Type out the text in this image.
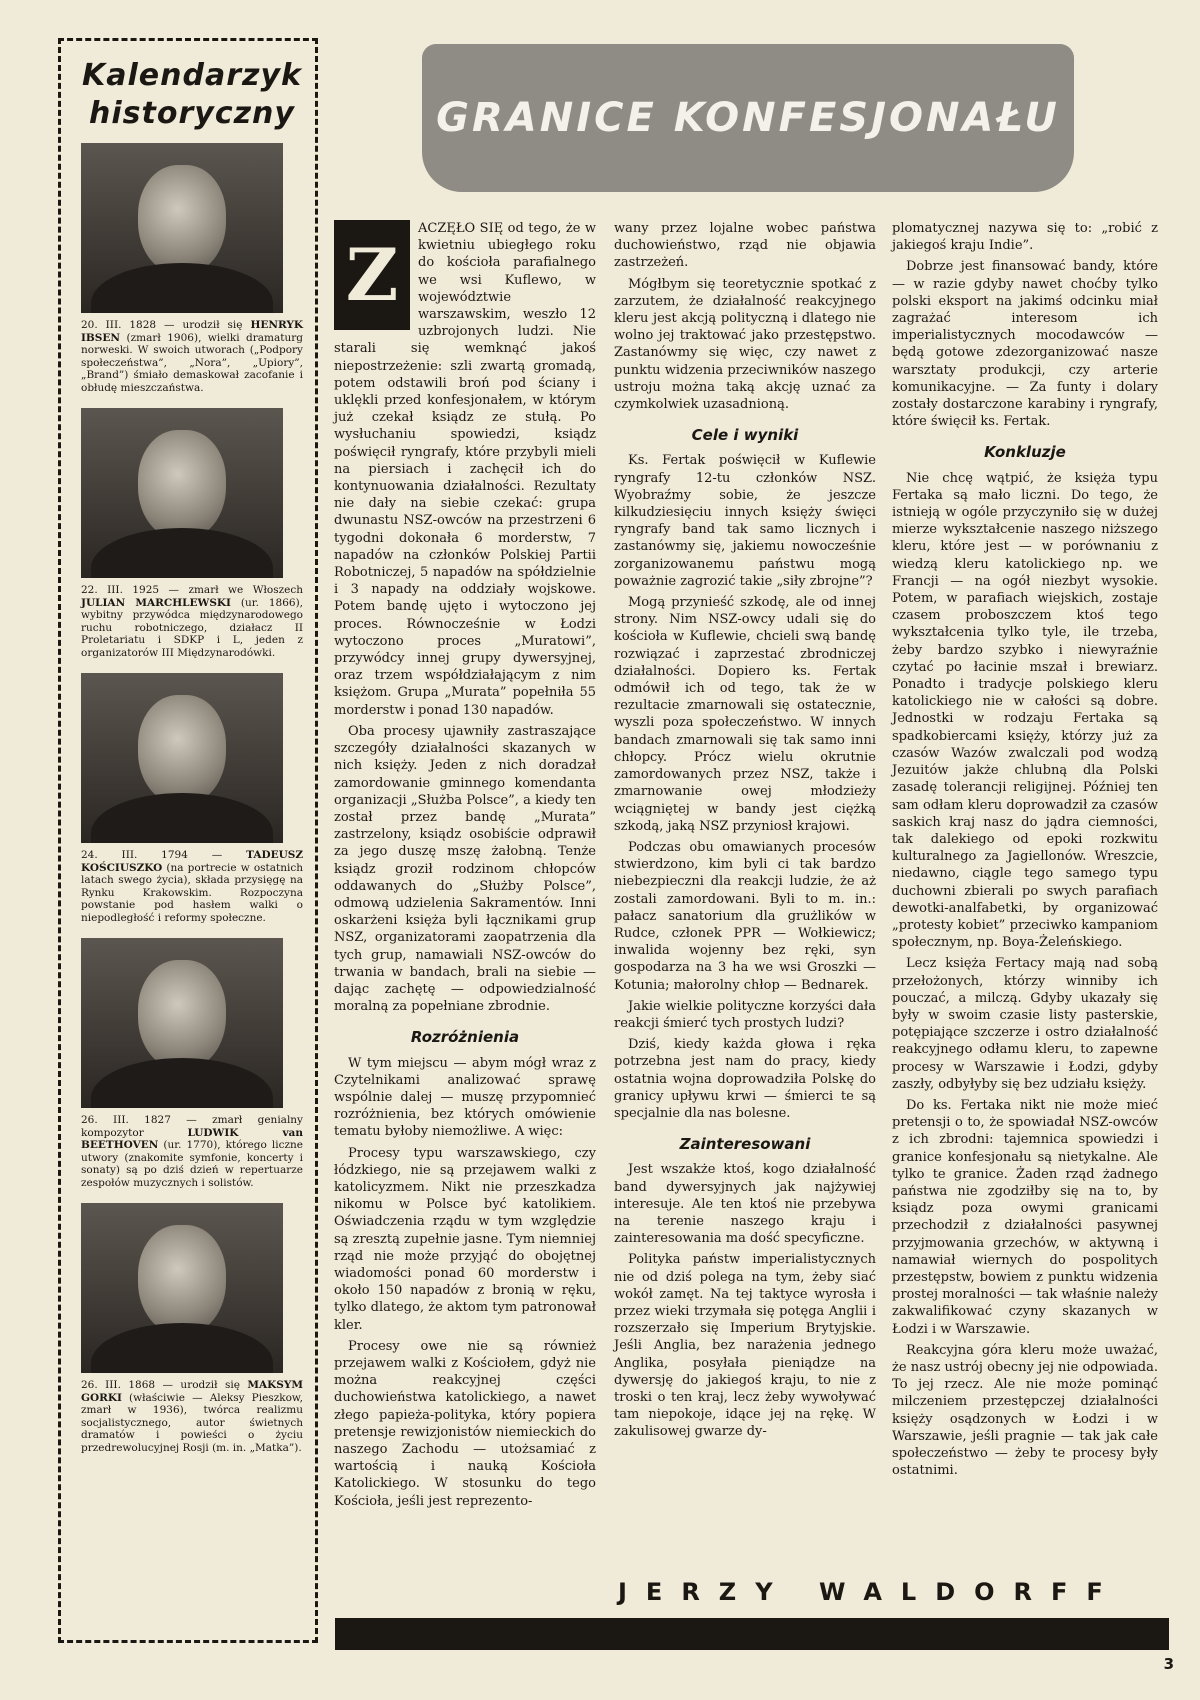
Kalendarzyk
historyczny

20. III. 1828 — urodził się HENRYK IBSEN (zmarł 1906), wielki dramaturg norweski. W swoich utworach („Podpory społeczeństwa”, „Nora”, „Upiory”, „Brand”) śmiało demaskował zacofanie i obłudę mieszczaństwa.

22. III. 1925 — zmarł we Włoszech JULIAN MARCHLEWSKI (ur. 1866), wybitny przywódca międzynarodowego ruchu robotniczego, działacz II Proletariatu i SDKP i L, jeden z organizatorów III Międzynarodówki.

24. III. 1794 — TADEUSZ KOŚCIUSZKO (na portrecie w ostatnich latach swego życia), składa przysięgę na Rynku Krakowskim. Rozpoczyna powstanie pod hasłem walki o niepodległość i reformy społeczne.

26. III. 1827 — zmarł genialny kompozytor LUDWIK van BEETHOVEN (ur. 1770), którego liczne utwory (znakomite symfonie, koncerty i sonaty) są po dziś dzień w repertuarze zespołów muzycznych i solistów.

26. III. 1868 — urodził się MAKSYM GORKI (właściwie — Aleksy Pieszkow, zmarł w 1936), twórca realizmu socjalistycznego, autor świetnych dramatów i powieści o życiu przedrewolucyjnej Rosji (m. in. „Matka”).

GRANICE KONFESJONAŁU
Z

ACZĘŁO SIĘ od tego, że w kwietniu ubiegłego roku do kościoła parafialnego we wsi Kuflewo, w województwie warszawskim, weszło 12 uzbrojonych ludzi. Nie starali się wemknąć jakoś niepostrzeżenie: szli zwartą gromadą, potem odstawili broń pod ściany i uklękli przed konfesjonałem, w którym już czekał ksiądz ze stułą. Po wysłuchaniu spowiedzi, ksiądz poświęcił ryngrafy, które przybyli mieli na piersiach i zachęcił ich do kontynuowania działalności. Rezultaty nie dały na siebie czekać: grupa dwunastu NSZ-owców na przestrzeni 6 tygodni dokonała 6 morderstw, 7 napadów na członków Polskiej Partii Robotniczej, 5 napadów na spółdzielnie i 3 napady na oddziały wojskowe. Potem bandę ujęto i wytoczono jej proces. Równocześnie w Łodzi wytoczono proces „Muratowi”, przywódcy innej grupy dywersyjnej, oraz trzem współdziałającym z nim księżom. Grupa „Murata” popełniła 55 morderstw i ponad 130 napadów.

Oba procesy ujawniły zastraszające szczegóły działalności skazanych w nich księży. Jeden z nich doradzał zamordowanie gminnego komendanta organizacji „Służba Polsce”, a kiedy ten został przez bandę „Murata” zastrzelony, ksiądz osobiście odprawił za jego duszę mszę żałobną. Tenże ksiądz groził rodzinom chłopców oddawanych do „Służby Polsce”, odmową udzielenia Sakramentów. Inni oskarżeni księża byli łącznikami grup NSZ, organizatorami zaopatrzenia dla tych grup, namawiali NSZ-owców do trwania w bandach, brali na siebie — dając zachętę — odpowiedzialność moralną za popełniane zbrodnie.

Rozróżnienia

W tym miejscu — abym mógł wraz z Czytelnikami analizować sprawę wspólnie dalej — muszę przypomnieć rozróżnienia, bez których omówienie tematu byłoby niemożliwe. A więc:

Procesy typu warszawskiego, czy łódzkiego, nie są przejawem walki z katolicyzmem. Nikt nie przeszkadza nikomu w Polsce być katolikiem. Oświadczenia rządu w tym względzie są zresztą zupełnie jasne. Tym niemniej rząd nie może przyjąć do obojętnej wiadomości ponad 60 morderstw i około 150 napadów z bronią w ręku, tylko dlatego, że aktom tym patronował kler.

Procesy owe nie są również przejawem walki z Kościołem, gdyż nie można reakcyjnej części duchowieństwa katolickiego, a nawet złego papieża-polityka, który popiera pretensje rewizjonistów niemieckich do naszego Zachodu — utożsamiać z wartością i nauką Kościoła Katolickiego. W stosunku do tego Kościoła, jeśli jest reprezento-

wany przez lojalne wobec państwa duchowieństwo, rząd nie objawia zastrzeżeń.

Mógłbym się teoretycznie spotkać z zarzutem, że działalność reakcyjnego kleru jest akcją polityczną i dlatego nie wolno jej traktować jako przestępstwo. Zastanówmy się więc, czy nawet z punktu widzenia przeciwników naszego ustroju można taką akcję uznać za czymkolwiek uzasadnioną.

Cele i wyniki

Ks. Fertak poświęcił w Kuflewie ryngrafy 12-tu członków NSZ. Wyobraźmy sobie, że jeszcze kilkudziesięciu innych księży święci ryngrafy band tak samo licznych i zastanówmy się, jakiemu nowocześnie zorganizowanemu państwu mogą poważnie zagrozić takie „siły zbrojne”?

Mogą przynieść szkodę, ale od innej strony. Nim NSZ-owcy udali się do kościoła w Kuflewie, chcieli swą bandę rozwiązać i zaprzestać zbrodniczej działalności. Dopiero ks. Fertak odmówił ich od tego, tak że w rezultacie zmarnowali się ostatecznie, wyszli poza społeczeństwo. W innych bandach zmarnowali się tak samo inni chłopcy. Prócz wielu okrutnie zamordowanych przez NSZ, także i zmarnowanie owej młodzieży wciągniętej w bandy jest ciężką szkodą, jaką NSZ przyniosł krajowi.

Podczas obu omawianych procesów stwierdzono, kim byli ci tak bardzo niebezpieczni dla reakcji ludzie, że aż zostali zamordowani. Byli to m. in.: pałacz sanatorium dla grużlików w Rudce, członek PPR — Wołkiewicz; inwalida wojenny bez ręki, syn gospodarza na 3 ha we wsi Groszki — Kotunia; małorolny chłop — Bednarek.

Jakie wielkie polityczne korzyści dała reakcji śmierć tych prostych ludzi?

Dziś, kiedy każda głowa i ręka potrzebna jest nam do pracy, kiedy ostatnia wojna doprowadziła Polskę do granicy upływu krwi — śmierci te są specjalnie dla nas bolesne.

Zainteresowani

Jest wszakże ktoś, kogo działalność band dywersyjnych jak najżywiej interesuje. Ale ten ktoś nie przebywa na terenie naszego kraju i zainteresowania ma dość specyficzne.

Polityka państw imperialistycznych nie od dziś polega na tym, żeby siać wokół zamęt. Na tej taktyce wyrosła i przez wieki trzymała się potęga Anglii i rozszerzało się Imperium Brytyjskie. Jeśli Anglia, bez narażenia jednego Anglika, posyłała pieniądze na dywersję do jakiegoś kraju, to nie z troski o ten kraj, lecz żeby wywoływać tam niepokoje, idące jej na rękę. W zakulisowej gwarze dy-

plomatycznej nazywa się to: „robić z jakiegoś kraju Indie”.

Dobrze jest finansować bandy, które — w razie gdyby nawet choćby tylko polski eksport na jakimś odcinku miał zagrażać interesom ich imperialistycznych mocodawców — będą gotowe zdezorganizować nasze warsztaty produkcji, czy arterie komunikacyjne. — Za funty i dolary zostały dostarczone karabiny i ryngrafy, które święcił ks. Fertak.

Konkluzje

Nie chcę wątpić, że księża typu Fertaka są mało liczni. Do tego, że istnieją w ogóle przyczyniło się w dużej mierze wykształcenie naszego niższego kleru, które jest — w porównaniu z wiedzą kleru katolickiego np. we Francji — na ogół niezbyt wysokie. Potem, w parafiach wiejskich, zostaje czasem proboszczem ktoś tego wykształcenia tylko tyle, ile trzeba, żeby bardzo szybko i niewyraźnie czytać po łacinie mszał i brewiarz. Ponadto i tradycje polskiego kleru katolickiego nie w całości są dobre. Jednostki w rodzaju Fertaka są spadkobiercami księży, którzy już za czasów Wazów zwalczali pod wodzą Jezuitów jakże chlubną dla Polski zasadę tolerancji religijnej. Później ten sam odłam kleru doprowadził za czasów saskich kraj nasz do jądra ciemności, tak dalekiego od epoki rozkwitu kulturalnego za Jagiellonów. Wreszcie, niedawno, ciągle tego samego typu duchowni zbierali po swych parafiach dewotki-analfabetki, by organizować „protesty kobiet” przeciwko kampaniom społecznym, np. Boya-Żeleńskiego.

Lecz księża Fertacy mają nad sobą przełożonych, którzy winniby ich pouczać, a milczą. Gdyby ukazały się były w swoim czasie listy pasterskie, potępiające szczerze i ostro działalność reakcyjnego odłamu kleru, to zapewne procesy w Warszawie i Łodzi, gdyby zaszły, odbyłyby się bez udziału księży.

Do ks. Fertaka nikt nie może mieć pretensji o to, że spowiadał NSZ-owców z ich zbrodni: tajemnica spowiedzi i granice konfesjonału są nietykalne. Ale tylko te granice. Żaden rząd żadnego państwa nie zgodziłby się na to, by ksiądz poza owymi granicami przechodził z działalności pasywnej przyjmowania grzechów, w aktywną i namawiał wiernych do pospolitych przestępstw, bowiem z punktu widzenia prostej moralności — tak właśnie należy zakwalifikować czyny skazanych w Łodzi i w Warszawie.

Reakcyjna góra kleru może uważać, że nasz ustrój obecny jej nie odpowiada. To jej rzecz. Ale nie może pominąć milczeniem przestępczej działalności księży osądzonych w Łodzi i w Warszawie, jeśli pragnie — tak jak całe społeczeństwo — żeby te procesy były ostatnimi.

JERZY WALDORFF
3
